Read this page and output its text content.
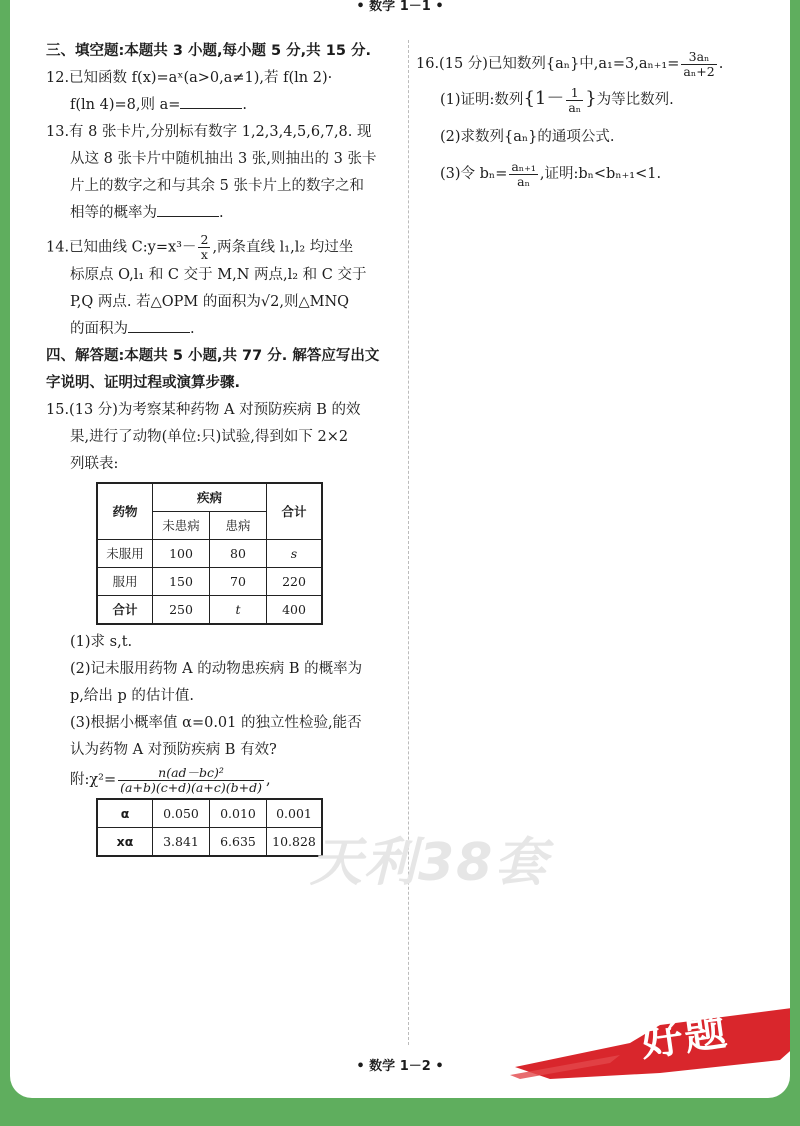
• 数学 1－1 •

三、填空题:本题共 3 小题,每小题 5 分,共 15 分.

12.已知函数 f(x)=aˣ(a>0,a≠1),若 f(ln 2)·

f(ln 4)=8,则 a=	.

13.有 8 张卡片,分别标有数字 1,2,3,4,5,6,7,8. 现

从这 8 张卡片中随机抽出 3 张,则抽出的 3 张卡

片上的数字之和与其余 5 张卡片上的数字之和

相等的概率为	.

14.已知曲线 C:y=x³－ $\frac{2}{x}$ ,两条直线 l₁,l₂ 均过坐

标原点 O,l₁ 和 C 交于 M,N 两点,l₂ 和 C 交于

P,Q 两点. 若△OPM 的面积为√2,则△MNQ

的面积为	.

四、解答题:本题共 5 小题,共 77 分. 解答应写出文

字说明、证明过程或演算步骤.

15.(13 分)为考察某种药物 A 对预防疾病 B 的效

果,进行了动物(单位:只)试验,得到如下 2×2

列联表:

药物	疾病		合计
	未患病	患病	
未服用	100	80	s
服用	150	70	220
合计	250	t	400

(1)求 s,t.

(2)记未服用药物 A 的动物患疾病 B 的概率为

p,给出 p 的估计值.

(3)根据小概率值 α=0.01 的独立性检验,能否

认为药物 A 对预防疾病 B 有效?

附:χ²= $\frac{\text{n(ad－bc)²}}{(a+b)(c+d)(a+c)(b+d)}$ ,

α	0.050	0.010	0.001
xα	3.841	6.635	10.828

16.(15 分)已知数列{aₙ}中$,a_1=3,a_{n+1}= \frac{\text{3aₙ}}{\text{aₙ+2}}$ .

(1)证明:数列{$1- \frac{1}{\text{aₙ}}$ }为等比数列.

(2)求数列{aₙ}的通项公式.

(3)令 $b_n= \frac{\text{aₙ₊₁}}{\text{aₙ}}$ ,证明:bₙ<bₙ₊₁<1.

天利38套
好题
• 数学 1－2 •
